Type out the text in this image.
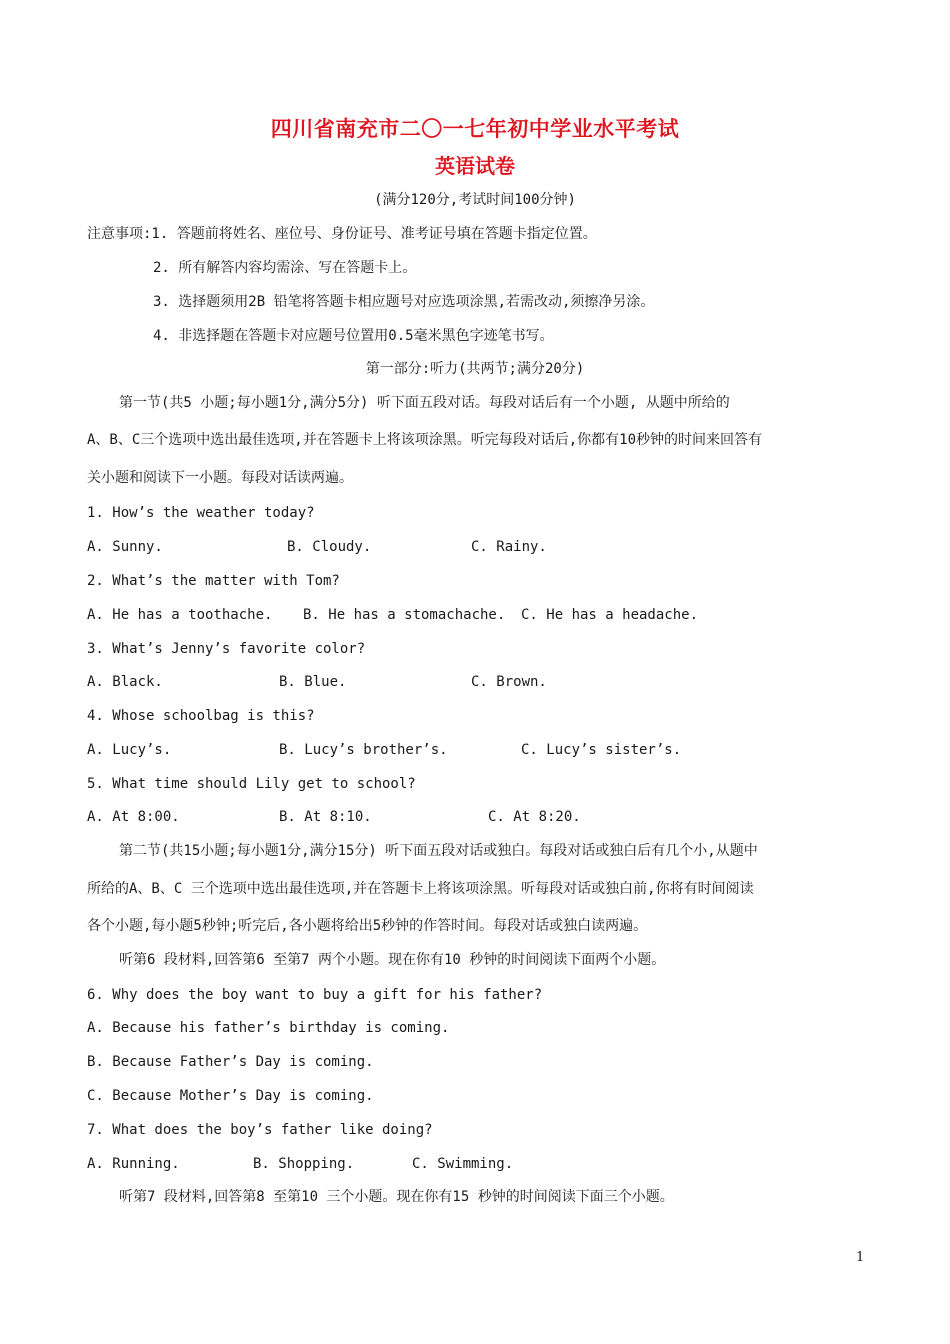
四川省南充市二〇一七年初中学业水平考试
英语试卷
(满分120分,考试时间100分钟)
注意事项:1. 答题前将姓名、座位号、身份证号、准考证号填在答题卡指定位置。
2. 所有解答内容均需涂、写在答题卡上。
3. 选择题须用2B 铅笔将答题卡相应题号对应选项涂黑,若需改动,须擦净另涂。
4. 非选择题在答题卡对应题号位置用0.5毫米黑色字迹笔书写。
第一部分:听力(共两节;满分20分)
第一节(共5 小题;每小题1分,满分5分) 听下面五段对话。每段对话后有一个小题, 从题中所给的
A、B、C三个选项中选出最佳选项,并在答题卡上将该项涂黑。听完每段对话后,你都有10秒钟的时间来回答有
关小题和阅读下一小题。每段对话读两遍。
1. How’s the weather today?
A. Sunny.	B. Cloudy.	C. Rainy.
2. What’s the matter with Tom?
A. He has a toothache. B. He has a stomachache. C. He has a headache.
3. What’s Jenny’s favorite color?
A. Black.	B. Blue.	C. Brown.
4. Whose schoolbag is this?
A. Lucy’s.	B. Lucy’s brother’s.	C. Lucy’s sister’s.
5. What time should Lily get to school?
A. At 8:00.	B. At 8:10.	C. At 8:20.
第二节(共15小题;每小题1分,满分15分) 听下面五段对话或独白。每段对话或独白后有几个小,从题中
所给的A、B、C 三个选项中选出最佳选项,并在答题卡上将该项涂黑。听每段对话或独白前,你将有时间阅读
各个小题,每小题5秒钟;听完后,各小题将给出5秒钟的作答时间。每段对话或独白读两遍。
听第6 段材料,回答第6 至第7 两个小题。现在你有10 秒钟的时间阅读下面两个小题。
6. Why does the boy want to buy a gift for his father?
A. Because his father’s birthday is coming.
B. Because Father’s Day is coming.
C. Because Mother’s Day is coming.
7. What does the boy’s father like doing?
A. Running.	B. Shopping.	C. Swimming.
听第7 段材料,回答第8 至第10 三个小题。现在你有15 秒钟的时间阅读下面三个小题。
1
